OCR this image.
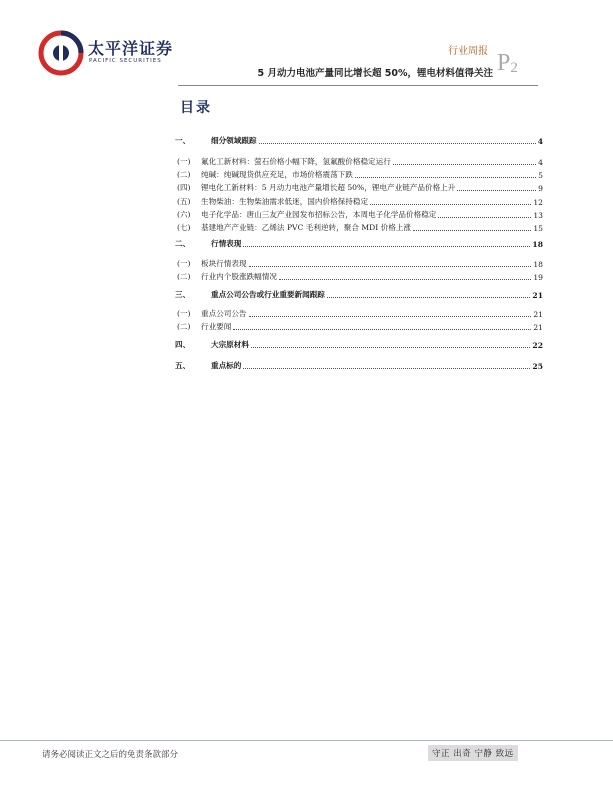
太平洋证券
PACIFIC SECURITIES
行业周报
5 月动力电池产量同比增长超 50%，锂电材料值得关注 $P_2$
目录
一、	细分领域跟踪	4
(一)	氟化工新材料：萤石价格小幅下降，氢氟酸价格稳定运行	4
(二)	纯碱：纯碱现货供应充足，市场价格震荡下跌	5
(四)	锂电化工新材料：5 月动力电池产量增长超 50%，锂电产业链产品价格上升	9
(五)	生物柴油：生物柴油需求低迷，国内价格保持稳定	12
(六)	电子化学品：唐山三友产业园发布招标公告，本周电子化学品价格稳定	13
(七)	基建地产产业链：乙烯法 PVC 毛利逆转，聚合 MDI 价格上涨	15
二、	行情表现	18
(一)	板块行情表现	18
(二)	行业内个股涨跌幅情况	19
三、	重点公司公告或行业重要新闻跟踪	21
(一)	重点公司公告	21
(二)	行业要闻	21
四、	大宗原材料	22
五、	重点标的	25
请务必阅读正文之后的免责条款部分	守正 出奇 宁静 致远
